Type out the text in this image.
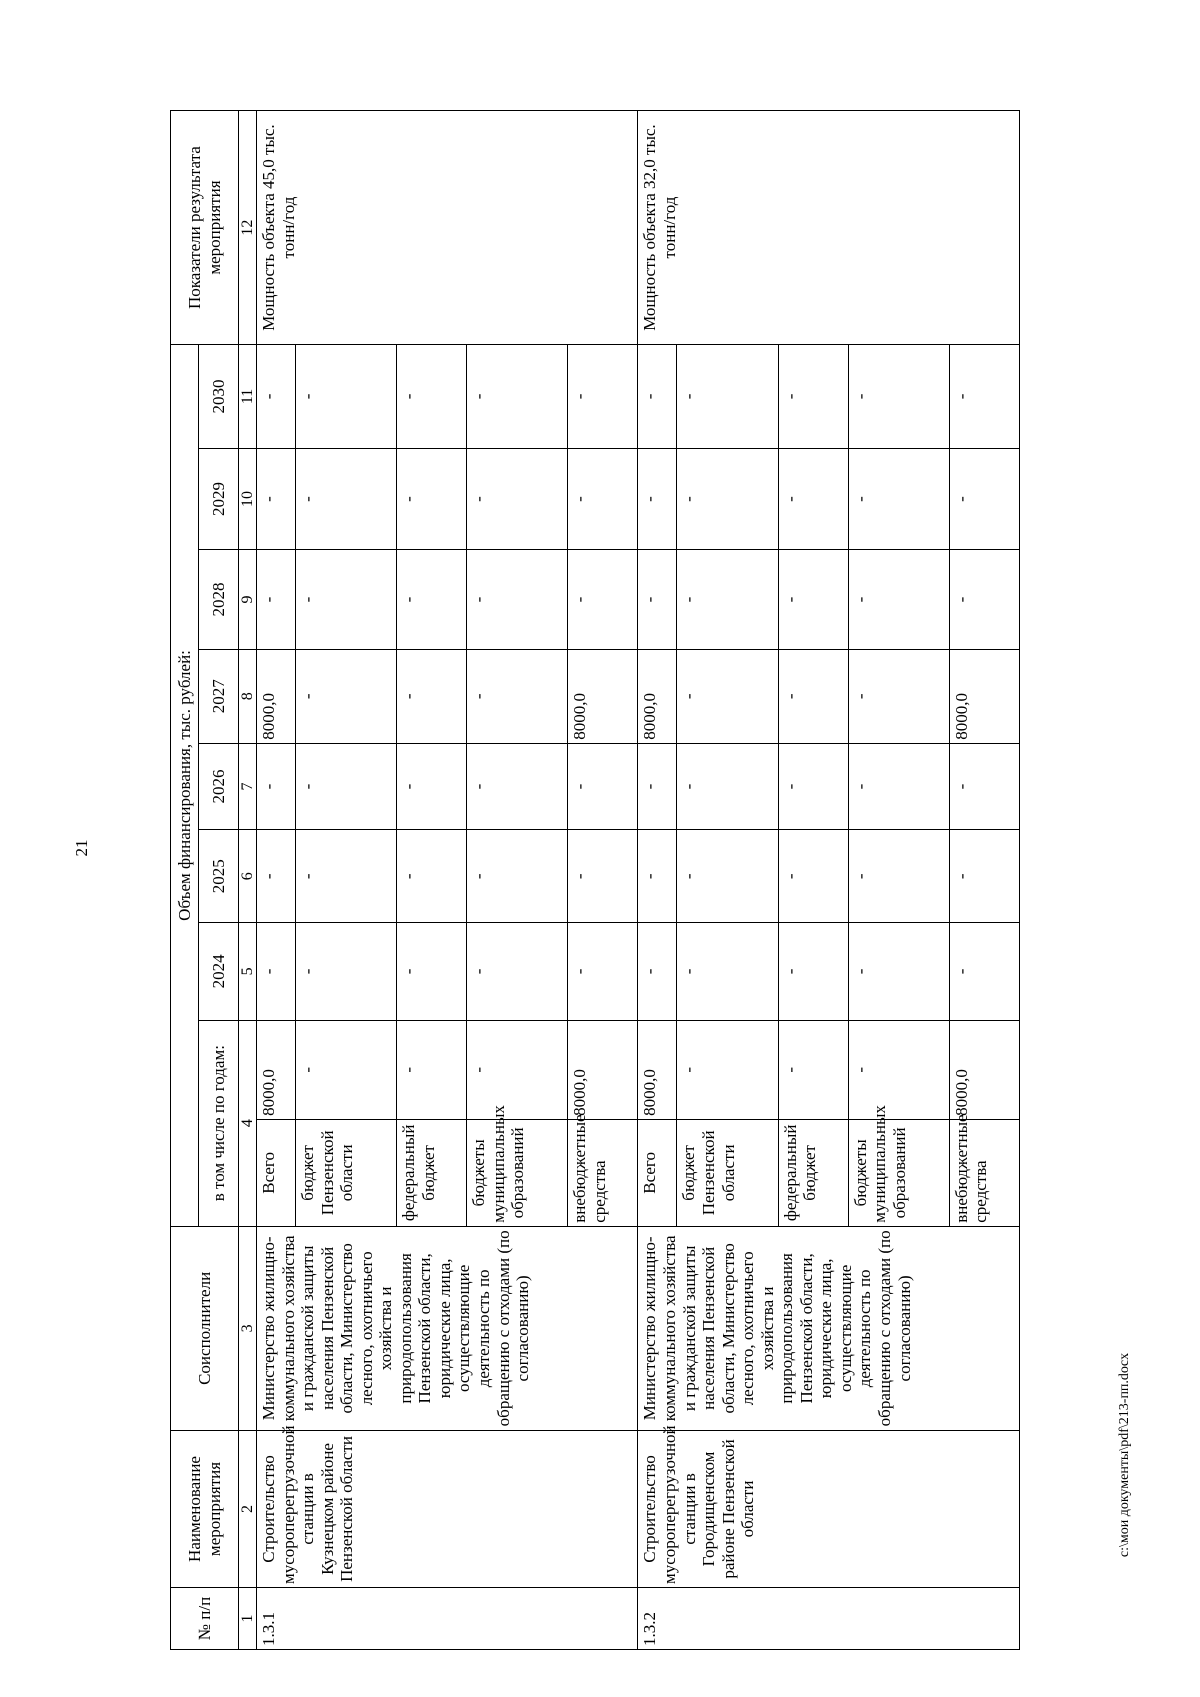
21
№ п/п	Наименование мероприятия	Соисполнители	Объем финансирования, тыс. рублей:									Показатели результата мероприятия
			в том числе по годам:		2024	2025	2026	2027	2028	2029	2030	
1	2	3	4		5	6	7	8	9	10	11	12
1.3.1	Строительство мусороперегрузочной станции в Кузнецком районе Пензенской области	Министерство жилищно-коммунального хозяйства и гражданской защиты населения Пензенской области, Министерство лесного, охотничьего хозяйства и природопользования Пензенской области, юридические лица, осуществляющие деятельность по обращению с отходами (по согласованию)	Всего	8000,0	-	-	-	8000,0	-	-	-	Мощность объекта 45,0 тыс. тонн/год
			бюджет Пензенской области	-	-	-	-	-	-	-	-	
			федеральный бюджет	-	-	-	-	-	-	-	-	
			бюджеты муниципальных образований	-	-	-	-	-	-	-	-	
			внебюджетные средства	8000,0	-	-	-	8000,0	-	-	-	
1.3.2	Строительство мусороперегрузочной станции в Городищенском районе Пензенской области	Министерство жилищно-коммунального хозяйства и гражданской защиты населения Пензенской области, Министерство лесного, охотничьего хозяйства и природопользования Пензенской области, юридические лица, осуществляющие деятельность по обращению с отходами (по согласованию)	Всего	8000,0	-	-	-	8000,0	-	-	-	Мощность объекта 32,0 тыс. тонн/год
			бюджет Пензенской области	-	-	-	-	-	-	-	-	
			федеральный бюджет	-	-	-	-	-	-	-	-	
			бюджеты муниципальных образований	-	-	-	-	-	-	-	-	
			внебюджетные средства	8000,0	-	-	-	8000,0	-	-	-	
c:\мои документы\pdf\213-пп.docx
